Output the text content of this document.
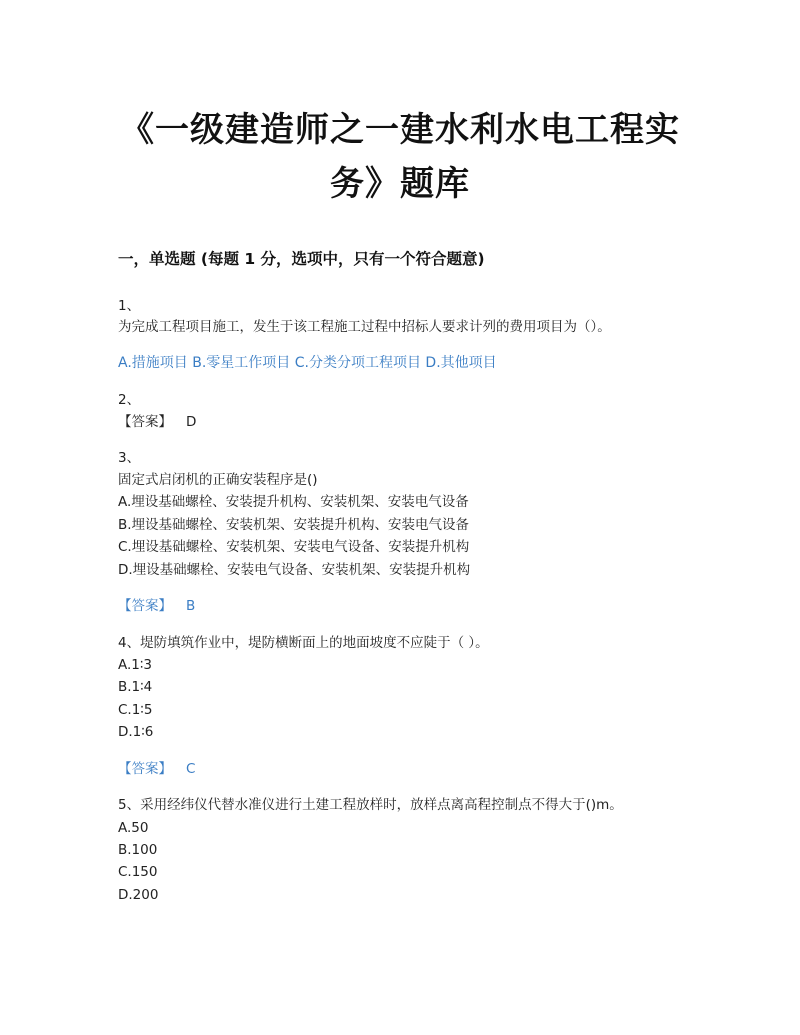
《一级建造师之一建水利水电工程实
务》题库
一，单选题 (每题 1 分，选项中，只有一个符合题意)
1、
为完成工程项目施工，发生于该工程施工过程中招标人要求计列的费用项目为（）。
A.措施项目 B.零星工作项目 C.分类分项工程项目 D.其他项目
2、
【答案】 D
3、
固定式启闭机的正确安装程序是()
A.埋设基础螺栓、安装提升机构、安装机架、安装电气设备
B.埋设基础螺栓、安装机架、安装提升机构、安装电气设备
C.埋设基础螺栓、安装机架、安装电气设备、安装提升机构
D.埋设基础螺栓、安装电气设备、安装机架、安装提升机构
【答案】 B
4、堤防填筑作业中，堤防横断面上的地面坡度不应陡于（ ）。
A.1∶3
B.1∶4
C.1∶5
D.1∶6
【答案】 C
5、采用经纬仪代替水准仪进行土建工程放样时，放样点离高程控制点不得大于()m。
A.50
B.100
C.150
D.200
